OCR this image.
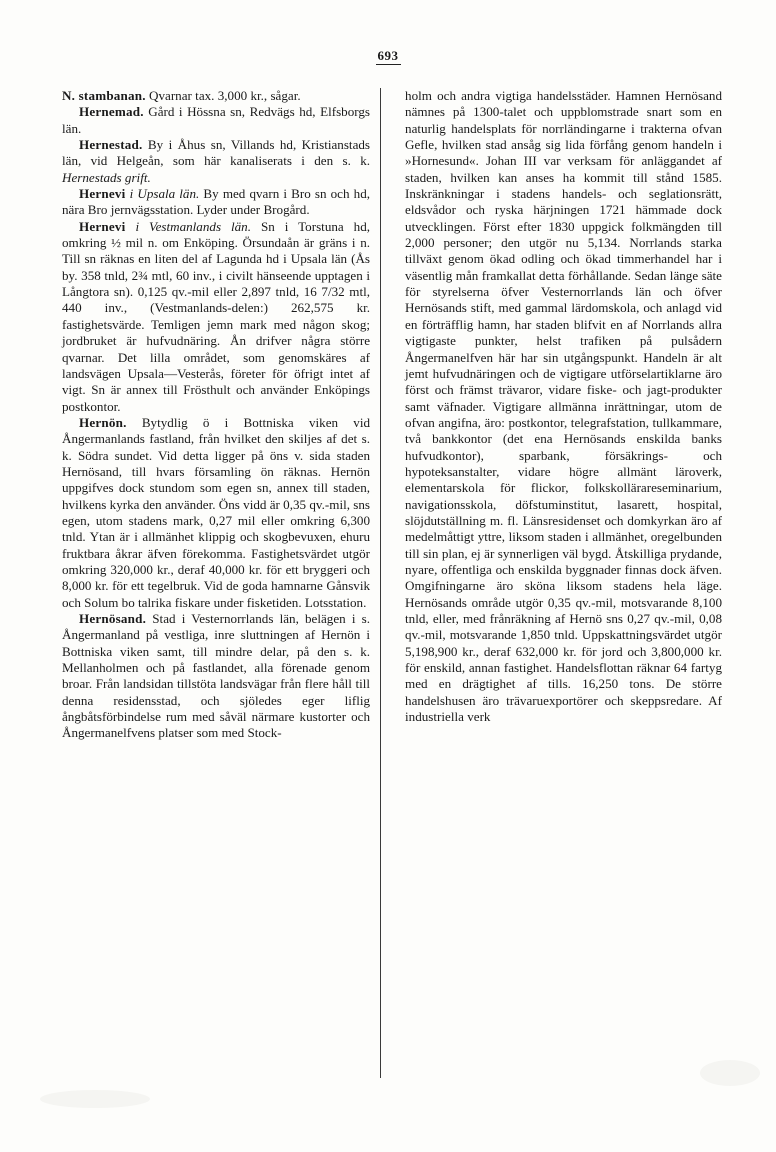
693

N. stambanan. Qvarnar tax. 3,000 kr., sågar.

Hernemad. Gård i Hössna sn, Redvägs hd, Elfsborgs län.

Hernestad. By i Åhus sn, Villands hd, Kristianstads län, vid Helgeån, som här kanaliserats i den s. k. Hernestads grift.

Hernevi i Upsala län. By med qvarn i Bro sn och hd, nära Bro jernvägsstation. Lyder under Brogård.

Hernevi i Vestmanlands län. Sn i Torstuna hd, omkring ½ mil n. om Enköping. Örsundaån är gräns i n. Till sn räknas en liten del af Lagunda hd i Upsala län (Ås by. 358 tnld, 2¾ mtl, 60 inv., i civilt hänseende upptagen i Långtora sn). 0,125 qv.-mil eller 2,897 tnld, 16 7/32 mtl, 440 inv., (Vestmanlands-delen:) 262,575 kr. fastighetsvärde. Temligen jemn mark med någon skog; jordbruket är hufvudnäring. Ån drifver några större qvarnar. Det lilla området, som genomskäres af landsvägen Upsala—Vesterås, företer för öfrigt intet af vigt. Sn är annex till Frösthult och använder Enköpings postkontor.

Hernön. Bytydlig ö i Bottniska viken vid Ångermanlands fastland, från hvilket den skiljes af det s. k. Södra sundet. Vid detta ligger på öns v. sida staden Hernösand, till hvars församling ön räknas. Hernön uppgifves dock stundom som egen sn, annex till staden, hvilkens kyrka den använder. Öns vidd är 0,35 qv.-mil, sns egen, utom stadens mark, 0,27 mil eller omkring 6,300 tnld. Ytan är i allmänhet klippig och skogbevuxen, ehuru fruktbara åkrar äfven förekomma. Fastighetsvärdet utgör omkring 320,000 kr., deraf 40,000 kr. för ett bryggeri och 8,000 kr. för ett tegelbruk. Vid de goda hamnarne Gånsvik och Solum bo talrika fiskare under fisketiden. Lotsstation.

Hernösand. Stad i Vesternorrlands län, belägen i s. Ångermanland på vestliga, inre sluttningen af Hernön i Bottniska viken samt, till mindre delar, på den s. k. Mellanholmen och på fastlandet, alla förenade genom broar. Från landsidan tillstöta landsvägar från flere håll till denna residensstad, och sjöledes eger liflig ångbåtsförbindelse rum med såväl närmare kustorter och Ångermanelfvens platser som med Stock-

holm och andra vigtiga handelsstäder. Hamnen Hernösand nämnes på 1300-talet och uppblomstrade snart som en naturlig handelsplats för norrländingarne i trakterna ofvan Gefle, hvilken stad ansåg sig lida förfång genom handeln i »Hornesund«. Johan III var verksam för anläggandet af staden, hvilken kan anses ha kommit till stånd 1585. Inskränkningar i stadens handels- och seglationsrätt, eldsvådor och ryska härjningen 1721 hämmade dock utvecklingen. Först efter 1830 uppgick folkmängden till 2,000 personer; den utgör nu 5,134. Norrlands starka tillväxt genom ökad odling och ökad timmerhandel har i väsentlig mån framkallat detta förhållande. Sedan länge säte för styrelserna öfver Vesternorrlands län och öfver Hernösands stift, med gammal lärdomskola, och anlagd vid en förträfflig hamn, har staden blifvit en af Norrlands allra vigtigaste punkter, helst trafiken på pulsådern Ångermanelfven här har sin utgångspunkt. Handeln är alt jemt hufvudnäringen och de vigtigare utförselartiklarne äro först och främst trävaror, vidare fiske- och jagt-produkter samt väfnader. Vigtigare allmänna inrättningar, utom de ofvan angifna, äro: postkontor, telegrafstation, tullkammare, två bankkontor (det ena Hernösands enskilda banks hufvudkontor), sparbank, försäkrings- och hypoteksanstalter, vidare högre allmänt läroverk, elementarskola för flickor, folkskollärareseminarium, navigationsskola, döfstuminstitut, lasarett, hospital, slöjdutställning m. fl. Länsresidenset och domkyrkan äro af medelmåttigt yttre, liksom staden i allmänhet, oregelbunden till sin plan, ej är synnerligen väl bygd. Åtskilliga prydande, nyare, offentliga och enskilda byggnader finnas dock äfven. Omgifningarne äro sköna liksom stadens hela läge. Hernösands område utgör 0,35 qv.-mil, motsvarande 8,100 tnld, eller, med frånräkning af Hernö sns 0,27 qv.-mil, 0,08 qv.-mil, motsvarande 1,850 tnld. Uppskattningsvärdet utgör 5,198,900 kr., deraf 632,000 kr. för jord och 3,800,000 kr. för enskild, annan fastighet. Handelsflottan räknar 64 fartyg med en drägtighet af tills. 16,250 tons. De större handelshusen äro trävaruexportörer och skeppsredare. Af industriella verk
